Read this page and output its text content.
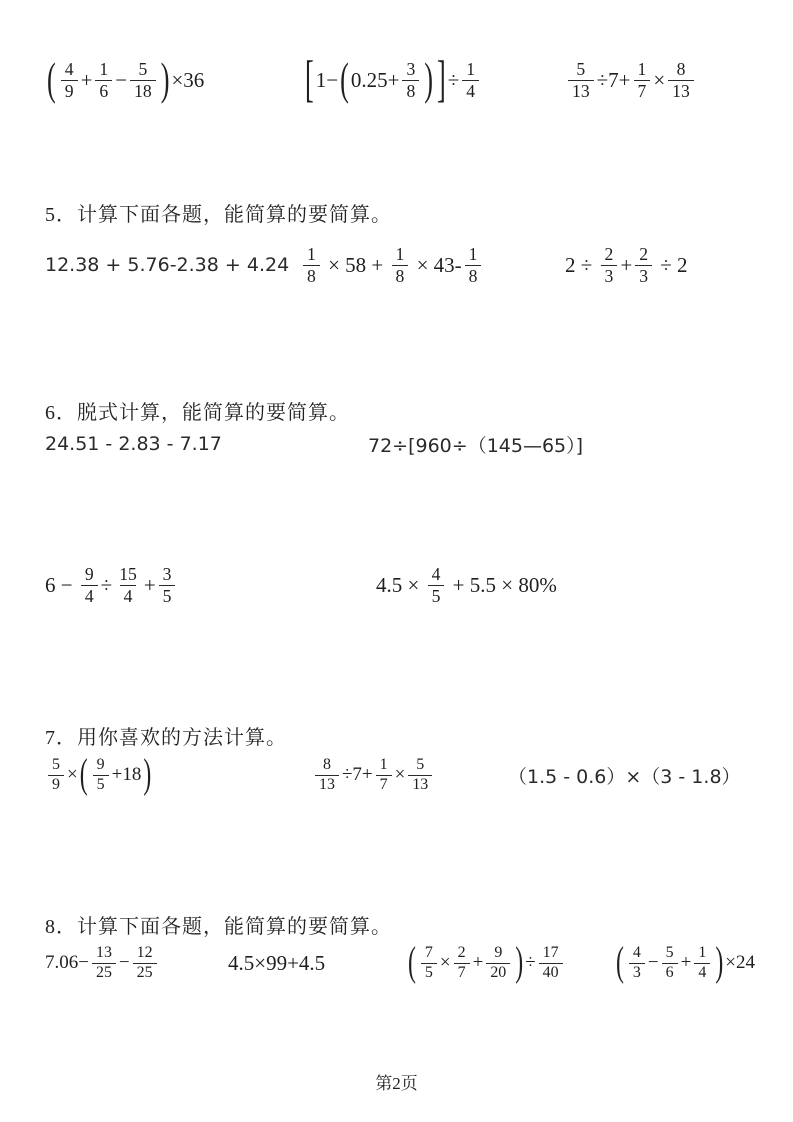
( $\frac{4}{9} + \frac{1}{6} - \frac{5}{18}$ ) ×36	[ 1− ( $0.25+ \frac{3}{8}$ ) ] ÷ $\frac{1}{4}$	$\frac{5}{13} \div 7+ \frac{1}{7} \times \frac{8}{13}$
5．计算下面各题，能简算的要简算。
$12.38 + 5.76-2.38 + 4.24 \frac{1}{8} \times 58 + \frac{1}{8} \times 43- \frac{1}{8}$	$2 \div \frac{2}{3} + \frac{2}{3} \div 2$
6．脱式计算，能简算的要简算。
24.51 - 2.83 - 7.17	72÷[960÷（145—65）]
$6 - \frac{9}{4} \div \frac{15}{4} + \frac{3}{5}$	$4.5 \times \frac{4}{5} + 5.5 \times 80\%$
7．用你喜欢的方法计算。
$\frac{5}{9}$ × ( $\frac{9}{5} +18$ )	$\frac{8}{13} \div 7+ \frac{1}{7} \times \frac{5}{13}$	（1.5 - 0.6）×（3 - 1.8）
8．计算下面各题，能简算的要简算。
$7.06- \frac{13}{25} - \frac{12}{25}$	4.5×99+4.5	( $\frac{7}{5} \times \frac{2}{7} + \frac{9}{20}$ ) ÷ $\frac{17}{40}$ ( $\frac{4}{3} - \frac{5}{6} + \frac{1}{4}$ ) ×24
第2页
